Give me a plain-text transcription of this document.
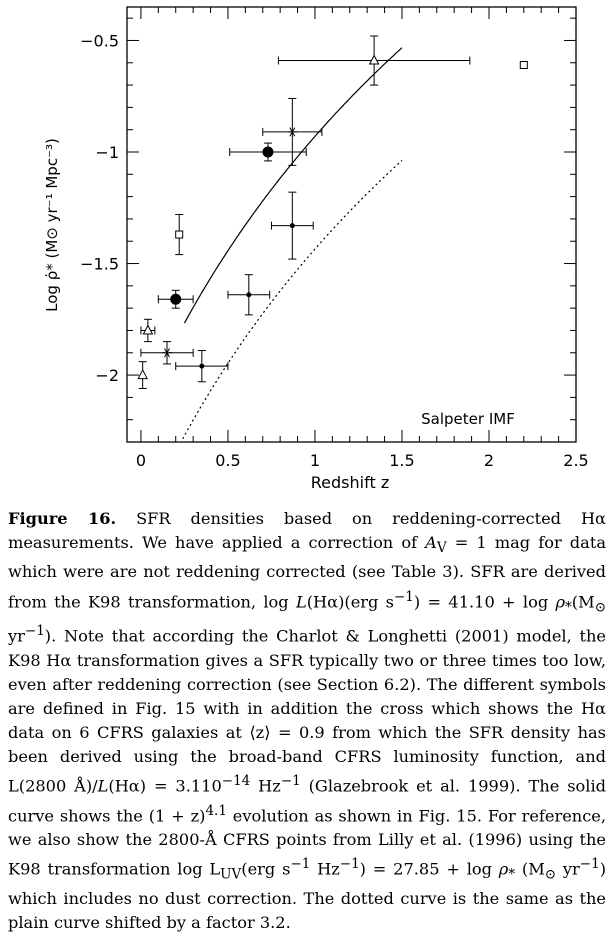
0	0.5	1	1.5	2	2.5
−2
−1.5
−1
−0.5
Redshift z
Log ρ̇* (M⊙ yr⁻¹ Mpc⁻³)
Salpeter IMF

Figure 16. SFR densities based on reddening-corrected Hα measurements. We have applied a correction of $A_V = 1$ mag for data which were are not reddening corrected (see Table 3). SFR are derived from the K98 transformation, log L(Hα)(erg $s^{-1}) = 41.10 + \log \rho_*(M_⊙$ $yr^{-1}$). Note that according the Charlot & Longhetti (2001) model, the K98 Hα transformation gives a SFR typically two or three times too low, even after reddening correction (see Section 6.2). The different symbols are defined in Fig. 15 with in addition the cross which shows the Hα data on 6 CFRS galaxies at ⟨z⟩ = 0.9 from which the SFR density has been derived using the broad-band CFRS luminosity function, and L(2800 Å)/L(Hα) = $3.110^{-14}$ $Hz^{-1}$ (Glazebrook et al. 1999). The solid curve shows the $(1 + z)^{4.1}$ evolution as shown in Fig. 15. For reference, we also show the 2800-Å CFRS points from Lilly et al. (1996) using the K98 transformation $\log L_{UV}(erg$ $s^{-1}$ $Hz^{-1}) = 27.85 + \log \rho_*$ ($M_⊙$ $yr^{-1}$) which includes no dust correction. The dotted curve is the same as the plain curve shifted by a factor 3.2.
